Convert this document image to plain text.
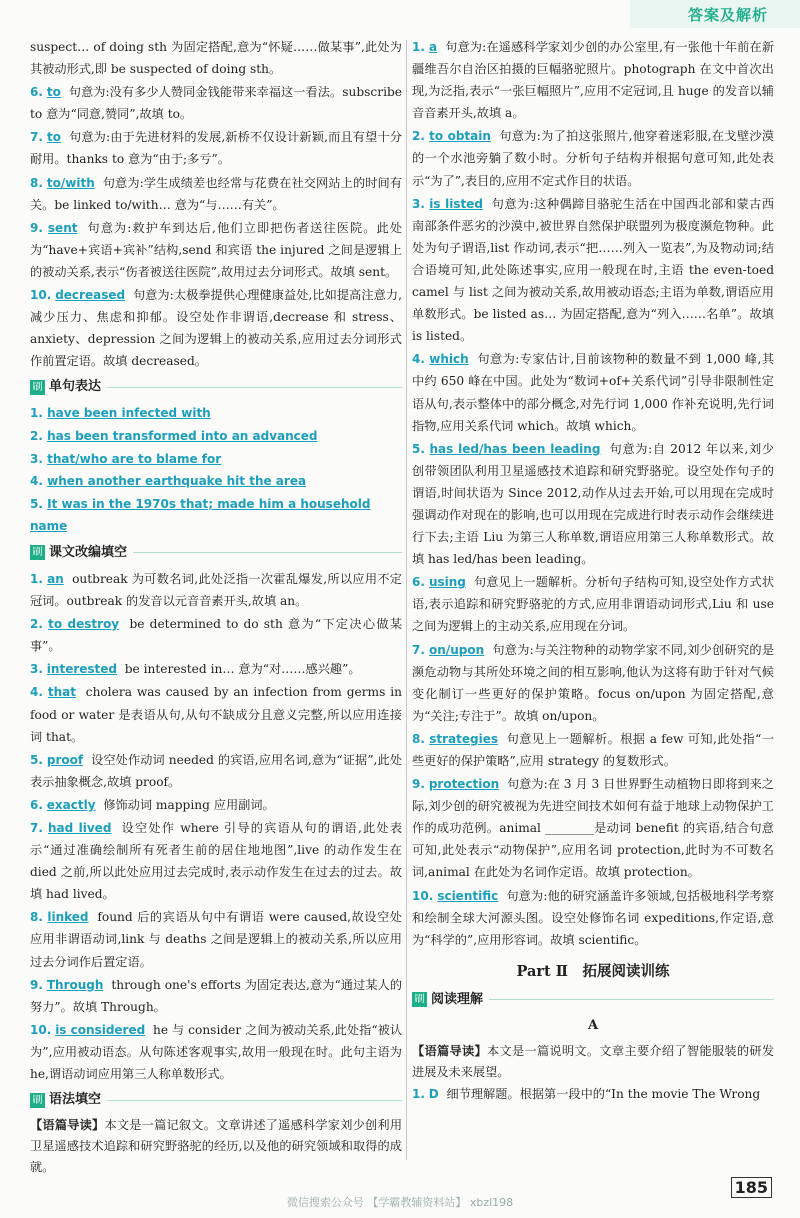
答案及解析

suspect… of doing sth 为固定搭配,意为“怀疑……做某事”,此处为其被动形式,即 be suspected of doing sth。

6. to 句意为:没有多少人赞同金钱能带来幸福这一看法。subscribe to 意为“同意,赞同”,故填 to。

7. to 句意为:由于先进材料的发展,新桥不仅设计新颖,而且有望十分耐用。thanks to 意为“由于;多亏”。

8. to/with 句意为:学生成绩差也经常与花费在社交网站上的时间有关。be linked to/with… 意为“与……有关”。

9. sent 句意为:救护车到达后,他们立即把伤者送往医院。此处为“have+宾语+宾补”结构,send 和宾语 the injured 之间是逻辑上的被动关系,表示“伤者被送往医院”,故用过去分词形式。故填 sent。

10. decreased 句意为:太极拳提供心理健康益处,比如提高注意力,减少压力、焦虑和抑郁。设空处作非谓语,decrease 和 stress、anxiety、depression 之间为逻辑上的被动关系,应用过去分词形式作前置定语。故填 decreased。

刷 单句表达

1. have been infected with

2. has been transformed into an advanced

3. that/who are to blame for

4. when another earthquake hit the area

5. It was in the 1970s that; made him a household name

刷 课文改编填空

1. an outbreak 为可数名词,此处泛指一次霍乱爆发,所以应用不定冠词。outbreak 的发音以元音音素开头,故填 an。

2. to destroy be determined to do sth 意为“下定决心做某事”。

3. interested be interested in… 意为“对……感兴趣”。

4. that cholera was caused by an infection from germs in food or water 是表语从句,从句不缺成分且意义完整,所以应用连接词 that。

5. proof 设空处作动词 needed 的宾语,应用名词,意为“证据”,此处表示抽象概念,故填 proof。

6. exactly 修饰动词 mapping 应用副词。

7. had lived 设空处作 where 引导的宾语从句的谓语,此处表示“通过准确绘制所有死者生前的居住地地图”,live 的动作发生在 died 之前,所以此处应用过去完成时,表示动作发生在过去的过去。故填 had lived。

8. linked found 后的宾语从句中有谓语 were caused,故设空处应用非谓语动词,link 与 deaths 之间是逻辑上的被动关系,所以应用过去分词作后置定语。

9. Through through one's efforts 为固定表达,意为“通过某人的努力”。故填 Through。

10. is considered he 与 consider 之间为被动关系,此处指“被认为”,应用被动语态。从句陈述客观事实,故用一般现在时。此句主语为 he,谓语动词应用第三人称单数形式。

刷 语法填空

【语篇导读】本文是一篇记叙文。文章讲述了遥感科学家刘少创利用卫星遥感技术追踪和研究野骆驼的经历,以及他的研究领域和取得的成就。

1. a 句意为:在遥感科学家刘少创的办公室里,有一张他十年前在新疆维吾尔自治区拍摄的巨幅骆驼照片。photograph 在文中首次出现,为泛指,表示“一张巨幅照片”,应用不定冠词,且 huge 的发音以辅音音素开头,故填 a。

2. to obtain 句意为:为了拍这张照片,他穿着迷彩服,在戈壁沙漠的一个水池旁躺了数小时。分析句子结构并根据句意可知,此处表示“为了”,表目的,应用不定式作目的状语。

3. is listed 句意为:这种偶蹄目骆驼生活在中国西北部和蒙古西南部条件恶劣的沙漠中,被世界自然保护联盟列为极度濒危物种。此处为句子谓语,list 作动词,表示“把……列入一览表”,为及物动词;结合语境可知,此处陈述事实,应用一般现在时,主语 the even-toed camel 与 list 之间为被动关系,故用被动语态;主语为单数,谓语应用单数形式。be listed as… 为固定搭配,意为“列入……名单”。故填 is listed。

4. which 句意为:专家估计,目前该物种的数量不到 1,000 峰,其中约 650 峰在中国。此处为“数词+of+关系代词”引导非限制性定语从句,表示整体中的部分概念,对先行词 1,000 作补充说明,先行词指物,应用关系代词 which。故填 which。

5. has led/has been leading 句意为:自 2012 年以来,刘少创带领团队利用卫星遥感技术追踪和研究野骆驼。设空处作句子的谓语,时间状语为 Since 2012,动作从过去开始,可以用现在完成时强调动作对现在的影响,也可以用现在完成进行时表示动作会继续进行下去;主语 Liu 为第三人称单数,谓语应用第三人称单数形式。故填 has led/has been leading。

6. using 句意见上一题解析。分析句子结构可知,设空处作方式状语,表示追踪和研究野骆驼的方式,应用非谓语动词形式,Liu 和 use 之间为逻辑上的主动关系,应用现在分词。

7. on/upon 句意为:与关注物种的动物学家不同,刘少创研究的是濒危动物与其所处环境之间的相互影响,他认为这将有助于针对气候变化制订一些更好的保护策略。focus on/upon 为固定搭配,意为“关注;专注于”。故填 on/upon。

8. strategies 句意见上一题解析。根据 a few 可知,此处指“一些更好的保护策略”,应用 strategy 的复数形式。

9. protection 句意为:在 3 月 3 日世界野生动植物日即将到来之际,刘少创的研究被视为先进空间技术如何有益于地球上动物保护工作的成功范例。animal ________是动词 benefit 的宾语,结合句意可知,此处表示“动物保护”,应用名词 protection,此时为不可数名词,animal 在此处为名词作定语。故填 protection。

10. scientific 句意为:他的研究涵盖许多领域,包括极地科学考察和绘制全球大河源头图。设空处修饰名词 expeditions,作定语,意为“科学的”,应用形容词。故填 scientific。

Part Ⅱ　拓展阅读训练
刷 阅读理解
A

【语篇导读】本文是一篇说明文。文章主要介绍了智能服装的研发进展及未来展望。

1. D 细节理解题。根据第一段中的“In the movie The Wrong

185
微信搜索公众号 【学霸教辅资料站】 xbzl198
